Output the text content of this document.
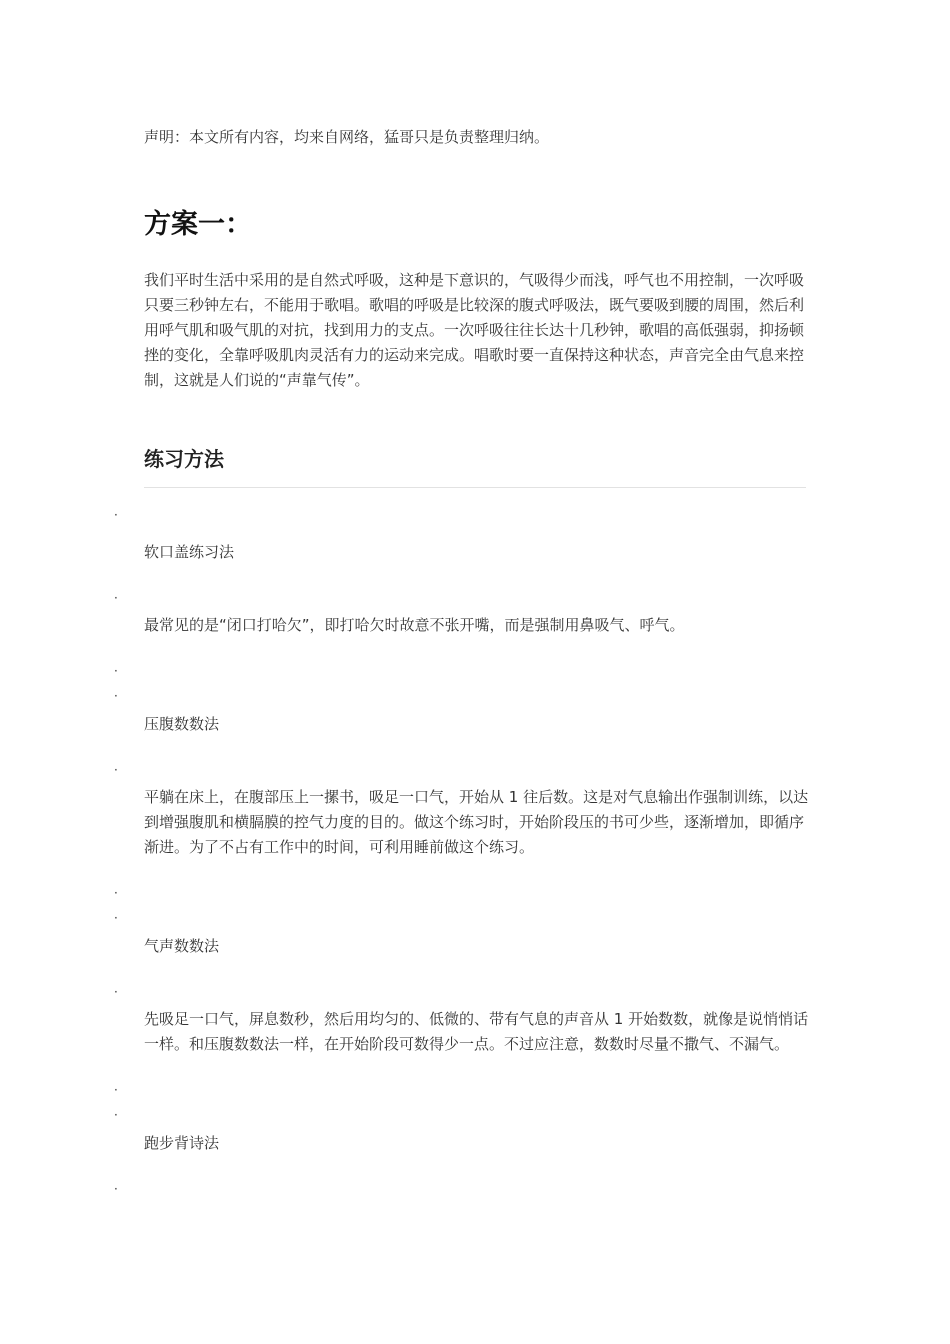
声明：本文所有内容，均来自网络，猛哥只是负责整理归纳。
方案一：

我们平时生活中采用的是自然式呼吸，这种是下意识的，气吸得少而浅，呼气也不用控制，一次呼吸只要三秒钟左右，不能用于歌唱。歌唱的呼吸是比较深的腹式呼吸法，既气要吸到腰的周围，然后利用呼气肌和吸气肌的对抗，找到用力的支点。一次呼吸往往长达十几秒钟，歌唱的高低强弱，抑扬顿挫的变化，全靠呼吸肌肉灵活有力的运动来完成。唱歌时要一直保持这种状态，声音完全由气息来控制，这就是人们说的“声靠气传”。

练习方法
·
软口盖练习法
·

最常见的是“闭口打哈欠”，即打哈欠时故意不张开嘴，而是强制用鼻吸气、呼气。

·
·
压腹数数法
·

平躺在床上，在腹部压上一摞书，吸足一口气，开始从 1 往后数。这是对气息输出作强制训练，以达到增强腹肌和横膈膜的控气力度的目的。做这个练习时，开始阶段压的书可少些，逐渐增加，即循序渐进。为了不占有工作中的时间，可利用睡前做这个练习。

·
·
气声数数法
·

先吸足一口气，屏息数秒，然后用均匀的、低微的、带有气息的声音从 1 开始数数，就像是说悄悄话一样。和压腹数数法一样，在开始阶段可数得少一点。不过应注意，数数时尽量不撒气、不漏气。

·
·
跑步背诗法
·
